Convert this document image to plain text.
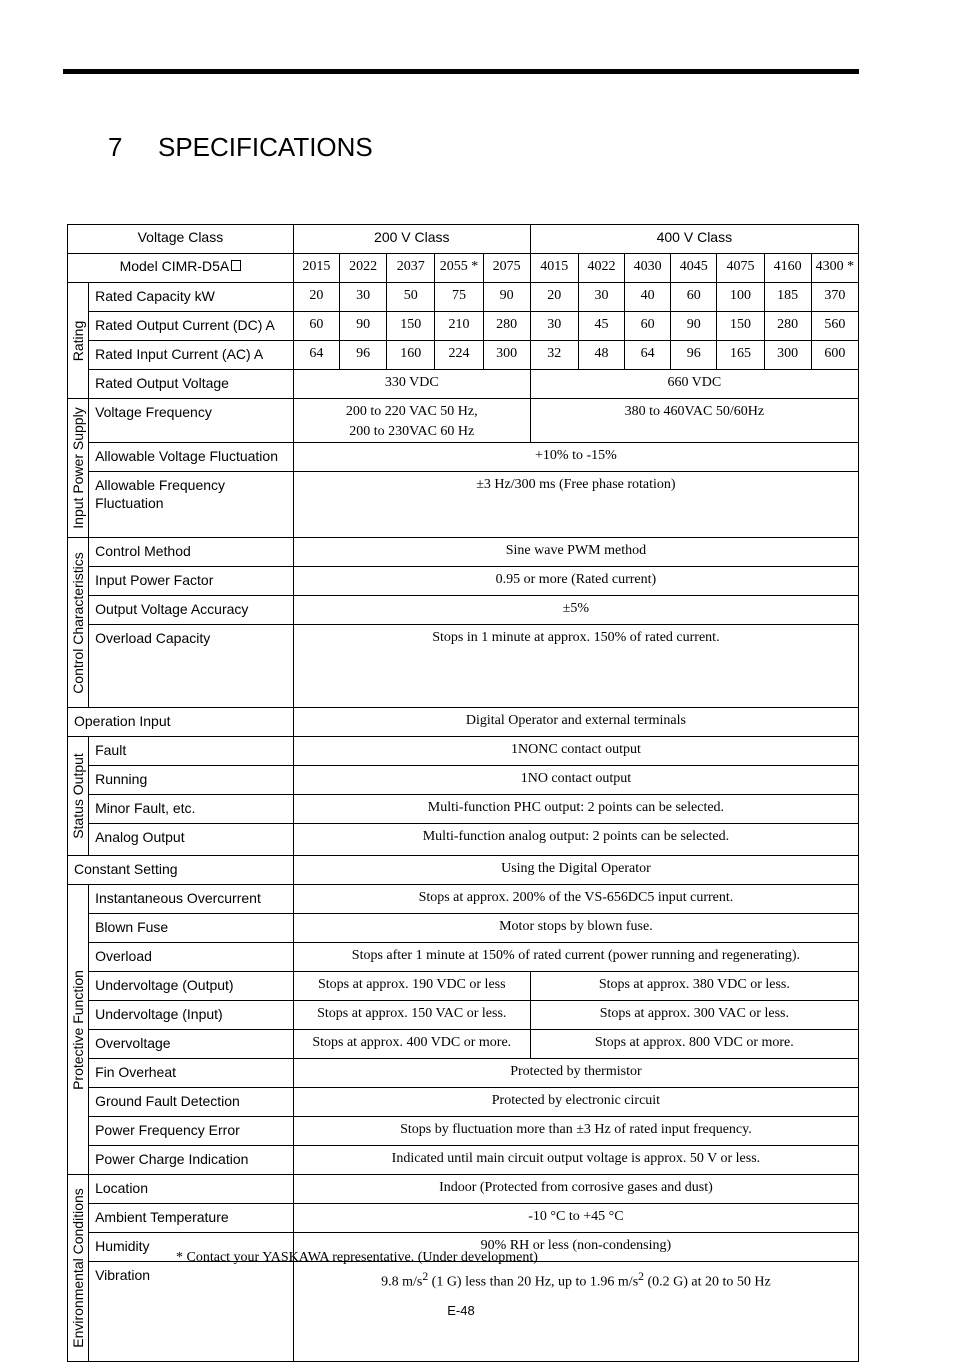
7 SPECIFICATIONS
Voltage Class		200 V Class					400 V Class						
Model CIMR-D5A		2015	2022	2037	2055 *	2075	4015	4022	4030	4045	4075	4160	4300 *

Rating	Rated Capacity kW	20	30	50	75	90	20	30	40	60	100	185	370
	Rated Output Current (DC) A	60	90	150	210	280	30	45	60	90	150	280	560
	Rated Input Current (AC) A	64	96	160	224	300	32	48	64	96	165	300	600
	Rated Output Voltage	330 VDC					660 VDC						

Input Power Supply	Voltage Frequency	200 to 220 VAC 50 Hz,
200 to 230VAC 60 Hz					380 to 460VAC 50/60Hz						
	Allowable Voltage Fluctuation	+10% to -15%											
	Allowable Frequency Fluctuation	±3 Hz/300 ms (Free phase rotation)											

Control Characteristics	Control Method	Sine wave PWM method											
	Input Power Factor	0.95 or more (Rated current)											
	Output Voltage Accuracy	±5%											
	Overload Capacity	Stops in 1 minute at approx. 150% of rated current.											
Operation Input		Digital Operator and external terminals											

Status Output	Fault	1NONC contact output											
	Running	1NO contact output											
	Minor Fault, etc.	Multi-function PHC output: 2 points can be selected.											
	Analog Output	Multi-function analog output: 2 points can be selected.											
Constant Setting		Using the Digital Operator											

Protective Function	Instantaneous Overcurrent	Stops at approx. 200% of the VS-656DC5 input current.											
	Blown Fuse	Motor stops by blown fuse.											
	Overload	Stops after 1 minute at 150% of rated current (power running and regenerating).											
	Undervoltage (Output)	Stops at approx. 190 VDC or less					Stops at approx. 380 VDC or less.						
	Undervoltage (Input)	Stops at approx. 150 VAC or less.					Stops at approx. 300 VAC or less.						
	Overvoltage	Stops at approx. 400 VDC or more.					Stops at approx. 800 VDC or more.						
	Fin Overheat	Protected by thermistor											
	Ground Fault Detection	Protected by electronic circuit											
	Power Frequency Error	Stops by fluctuation more than ±3 Hz of rated input frequency.											
	Power Charge Indication	Indicated until main circuit output voltage is approx. 50 V or less.											

Environmental Conditions	Location	Indoor (Protected from corrosive gases and dust)											
	Ambient Temperature	-10 °C to +45 °C											
	Humidity	90% RH or less (non-condensing)											
	Vibration	9.8 $m/s^2$ (1 G) less than 20 Hz, up to 1.96 $m/s^2$ (0.2 G) at 20 to 50 Hz											
* Contact your YASKAWA representative. (Under development)
E-48
